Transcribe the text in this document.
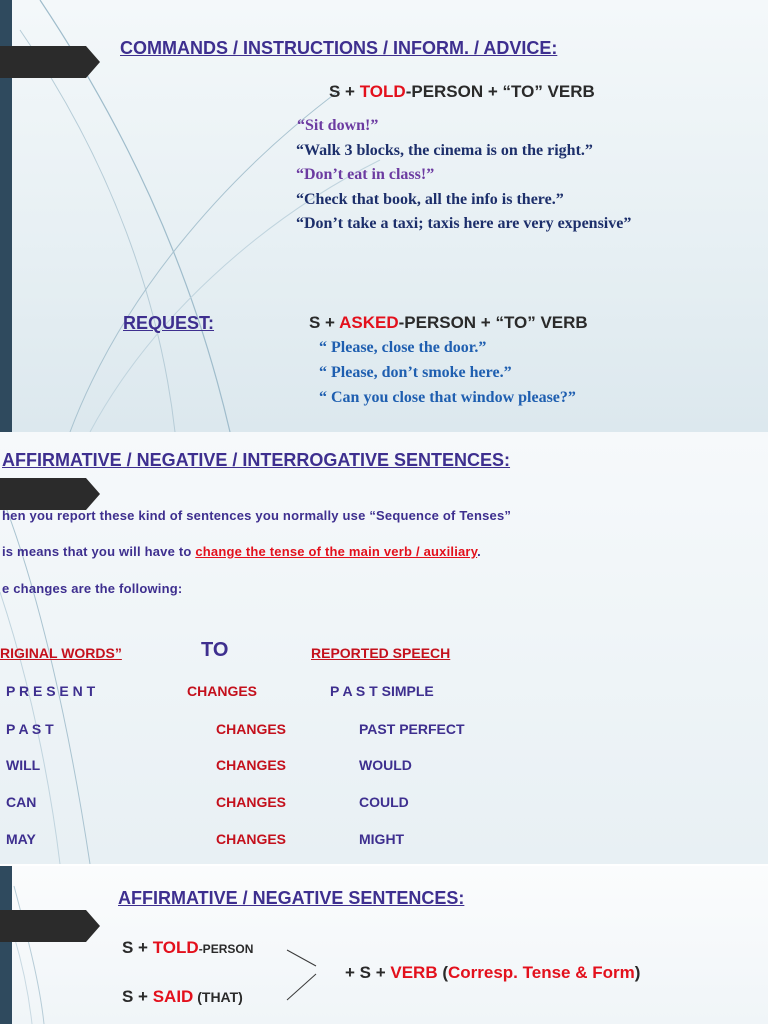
COMMANDS / INSTRUCTIONS / INFORM. / ADVICE:
S + TOLD-PERSON + “TO” VERB
“Sit down!”
“Walk 3 blocks, the cinema is on the right.”
“Don’t eat in class!”
“Check that book, all the info is there.”
“Don’t take a taxi; taxis here are very expensive”
REQUEST:	S + ASKED-PERSON + “TO” VERB
“ Please, close the door.”
“ Please, don’t smoke here.”
“ Can you close that window please?”
AFFIRMATIVE / NEGATIVE / INTERROGATIVE SENTENCES:
hen you report these kind of sentences you normally use “Sequence of Tenses”
is means that you will have to change the tense of the main verb / auxiliary.
e changes are the following:
RIGINAL WORDS”	TO	REPORTED SPEECH
P R E S E N T	CHANGES	P A S T SIMPLE
P A S T	CHANGES	PAST PERFECT
WILL	CHANGES	WOULD
CAN	CHANGES	COULD
MAY	CHANGES	MIGHT
AFFIRMATIVE / NEGATIVE SENTENCES:
S + TOLD-PERSON
S + SAID (THAT)
+ S + VERB (Corresp. Tense & Form)
